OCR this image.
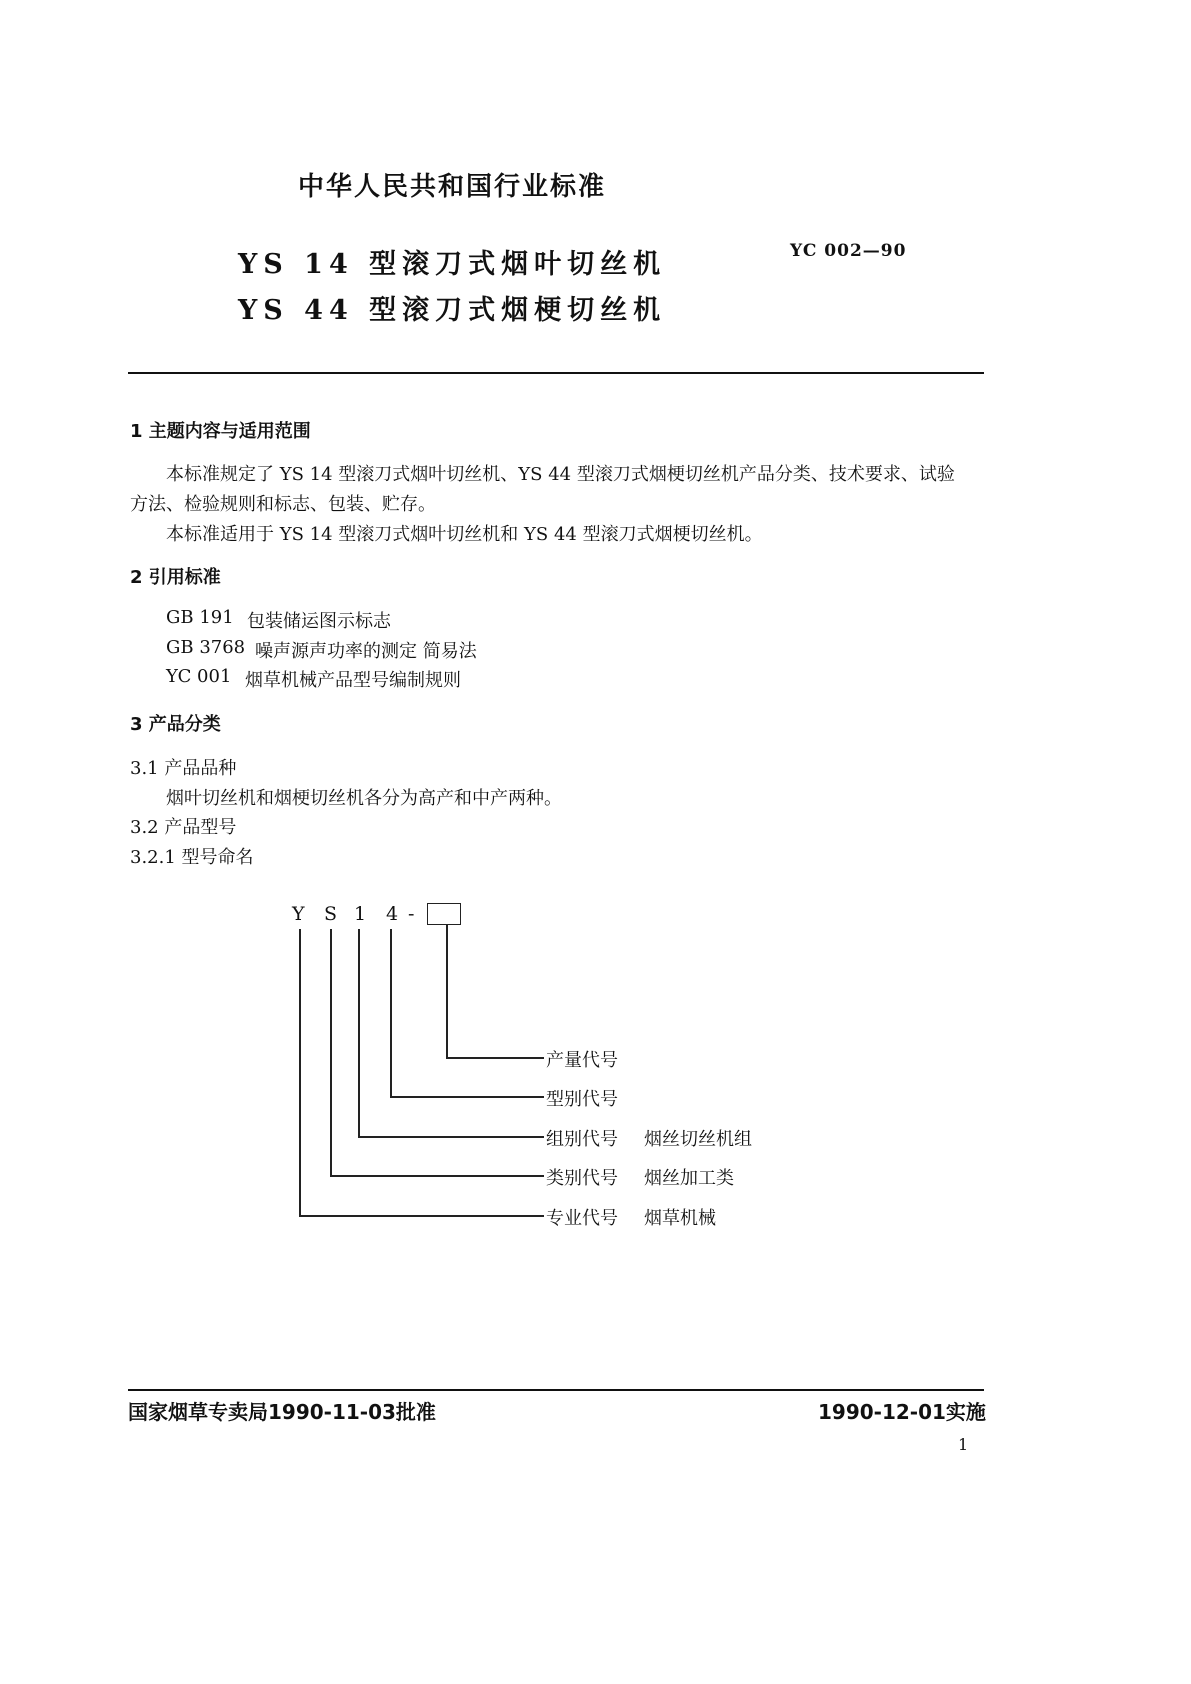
中华人民共和国行业标准
YS 14 型滚刀式烟叶切丝机
YS 44 型滚刀式烟梗切丝机
YC 002—90
1 主题内容与适用范围
本标准规定了 YS 14 型滚刀式烟叶切丝机、YS 44 型滚刀式烟梗切丝机产品分类、技术要求、试验
方法、检验规则和标志、包装、贮存。
本标准适用于 YS 14 型滚刀式烟叶切丝机和 YS 44 型滚刀式烟梗切丝机。
2 引用标准
GB 191 包装储运图示标志
GB 3768 噪声源声功率的测定 简易法
YC 001 烟草机械产品型号编制规则
3 产品分类
3.1 产品品种
烟叶切丝机和烟梗切丝机各分为高产和中产两种。
3.2 产品型号
3.2.1 型号命名
Y S 1 4 -
产量代号
型别代号
组别代号 烟丝切丝机组
类别代号 烟丝加工类
专业代号 烟草机械
国家烟草专卖局1990-11-03批准	1990-12-01实施
1
